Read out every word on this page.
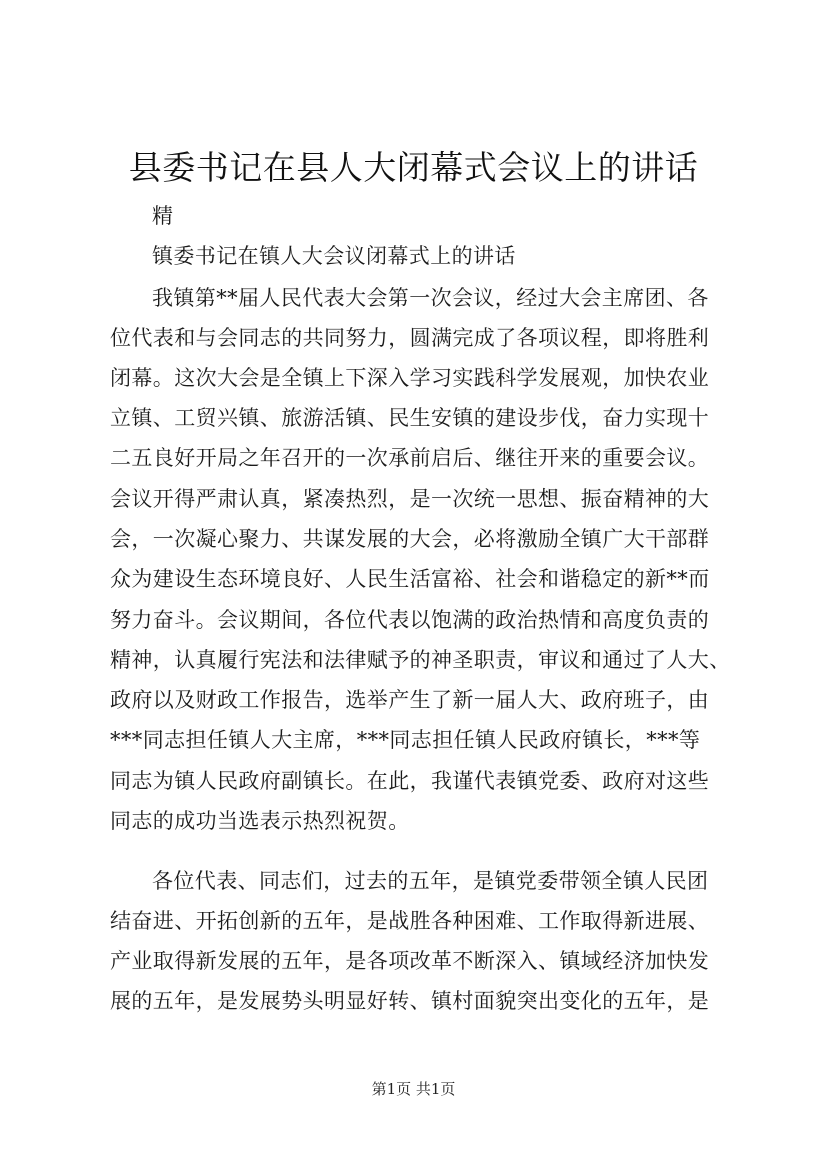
县委书记在县人大闭幕式会议上的讲话
精
镇委书记在镇人大会议闭幕式上的讲话
我镇第**届人民代表大会第一次会议，经过大会主席团、各
位代表和与会同志的共同努力，圆满完成了各项议程，即将胜利
闭幕。这次大会是全镇上下深入学习实践科学发展观，加快农业
立镇、工贸兴镇、旅游活镇、民生安镇的建设步伐，奋力实现十
二五良好开局之年召开的一次承前启后、继往开来的重要会议。
会议开得严肃认真，紧凑热烈，是一次统一思想、振奋精神的大
会，一次凝心聚力、共谋发展的大会，必将激励全镇广大干部群
众为建设生态环境良好、人民生活富裕、社会和谐稳定的新**而
努力奋斗。会议期间，各位代表以饱满的政治热情和高度负责的
精神，认真履行宪法和法律赋予的神圣职责，审议和通过了人大、
政府以及财政工作报告，选举产生了新一届人大、政府班子，由
***同志担任镇人大主席，***同志担任镇人民政府镇长，***等
同志为镇人民政府副镇长。在此，我谨代表镇党委、政府对这些
同志的成功当选表示热烈祝贺。
各位代表、同志们，过去的五年，是镇党委带领全镇人民团
结奋进、开拓创新的五年，是战胜各种困难、工作取得新进展、
产业取得新发展的五年，是各项改革不断深入、镇域经济加快发
展的五年，是发展势头明显好转、镇村面貌突出变化的五年，是
第1页 共1页
